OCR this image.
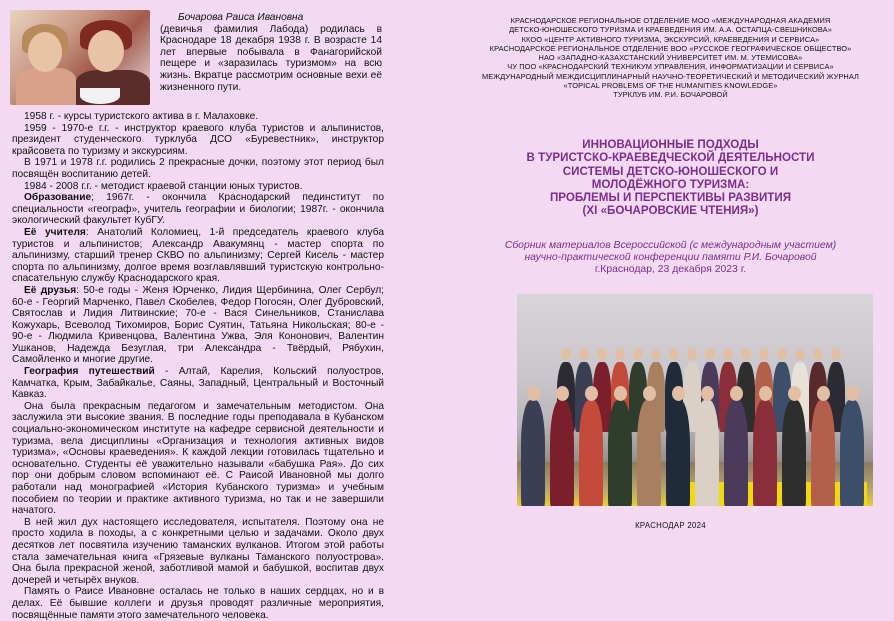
Бочарова Раиса Ивановна
(девичья фамилия Лабода) родилась в Краснодаре 18 декабря 1938 г. В возрасте 14 лет впервые побывала в Фанагорийской пещере и «заразилась туризмом» на всю жизнь. Вкратце рассмотрим основные вехи её жизненного пути.

1958 г. - курсы туристского актива в г. Малаховке.

1959 - 1970-е г.г. - инструктор краевого клуба туристов и альпинистов, президент студенческого турклуба ДСО «Буревестник», инструктор крайсовета по туризму и экскурсиям.

В 1971 и 1978 г.г. родились 2 прекрасные дочки, поэтому этот период был посвящён воспитанию детей.

1984 - 2008 г.г. - методист краевой станции юных туристов.

Образование; 1967г. - окончила Краснодарский пединститут по специальности «географ», учитель географии и биологии; 1987г. - окончила экологический факультет КубГУ.

Её учителя: Анатолий Коломиец, 1-й председатель краевого клуба туристов и альпинистов; Александр Авакумянц - мастер спорта по альпинизму, старший тренер СКВО по альпинизму; Сергей Кисель - мастер спорта по альпинизму, долгое время возглавлявший туристскую контрольно-спасательную службу Краснодарского края.

Её друзья: 50-е годы - Женя Юрченко, Лидия Щербинина, Олег Сербул; 60-е - Георгий Марченко, Павел Скобелев, Федор Погосян, Олег Дубровский, Святослав и Лидия Литвинские; 70-е - Вася Синельников, Станислава Кожухарь, Всеволод Тихомиров, Борис Суятин, Татьяна Никольская; 80-е - 90-е - Людмила Кривенцова, Валентина Ужва, Эля Кононович, Валентин Ушканов, Надежда Безуглая, три Александра - Твёрдый, Рябухин, Самойленко и многие другие.

География путешествий - Алтай, Карелия, Кольский полуостров, Камчатка, Крым, Забайкалье, Саяны, Западный, Центральный и Восточный Кавказ.

Она была прекрасным педагогом и замечательным методистом. Она заслужила эти высокие звания. В последние годы преподавала в Кубанском социально-экономическом институте на кафедре сервисной деятельности и туризма, вела дисциплины «Организация и технология активных видов туризма», «Основы краеведения». К каждой лекции готовилась тщательно и основательно. Студенты её уважительно называли «бабушка Рая». До сих пор они добрым словом вспоминают её. С Раисой Ивановной мы долго работали над монографией «История Кубанского туризма» и учебным пособием по теории и практике активного туризма, но так и не завершили начатого.

В ней жил дух настоящего исследователя, испытателя. Поэтому она не просто ходила в походы, а с конкретными целью и задачами. Около двух десятков лет посвятила изучению таманских вулканов. Итогом этой работы стала замечательная книга «Грязевые вулканы Таманского полуострова». Она была прекрасной женой, заботливой мамой и бабушкой, воспитав двух дочерей и четырёх внуков.

Память о Раисе Ивановне осталась не только в наших сердцах, но и в делах. Её бывшие коллеги и друзья проводят различные мероприятия, посвящённые памяти этого замечательного человека.

КРАСНОДАРСКОЕ РЕГИОНАЛЬНОЕ ОТДЕЛЕНИЕ МОО «МЕЖДУНАРОДНАЯ АКАДЕМИЯ
ДЕТСКО-ЮНОШЕСКОГО ТУРИЗМА И КРАЕВЕДЕНИЯ ИМ. А.А. ОСТАПЦА-СВЕШНИКОВА»
ККОО «ЦЕНТР АКТИВНОГО ТУРИЗМА, ЭКСКУРСИЙ, КРАЕВЕДЕНИЯ И СЕРВИСА»
КРАСНОДАРСКОЕ РЕГИОНАЛЬНОЕ ОТДЕЛЕНИЕ ВОО «РУССКОЕ ГЕОГРАФИЧЕСКОЕ ОБЩЕСТВО»
НАО «ЗАПАДНО-КАЗАХСТАНСКИЙ УНИВЕРСИТЕТ ИМ. М. УТЕМИСОВА»
ЧУ ПОО «КРАСНОДАРСКИЙ ТЕХНИКУМ УПРАВЛЕНИЯ, ИНФОРМАТИЗАЦИИ И СЕРВИСА»
МЕЖДУНАРОДНЫЙ МЕЖДИСЦИПЛИНАРНЫЙ НАУЧНО-ТЕОРЕТИЧЕСКИЙ И МЕТОДИЧЕСКИЙ ЖУРНАЛ
«TOPICAL PROBLEMS OF THE HUMANITIES KNOWLEDGE»
ТУРКЛУБ ИМ. Р.И. БОЧАРОВОЙ
ИННОВАЦИОННЫЕ ПОДХОДЫ
В ТУРИСТСКО-КРАЕВЕДЧЕСКОЙ ДЕЯТЕЛЬНОСТИ
СИСТЕМЫ ДЕТСКО-ЮНОШЕСКОГО И
МОЛОДЁЖНОГО ТУРИЗМА:
ПРОБЛЕМЫ И ПЕРСПЕКТИВЫ РАЗВИТИЯ
(XI «БОЧАРОВСКИЕ ЧТЕНИЯ»)
Сборник материалов Всероссийской (с международным участием)
научно-практической конференции памяти Р.И. Бочаровой
г.Краснодар, 23 декабря 2023 г.
КРАСНОДАР 2024
